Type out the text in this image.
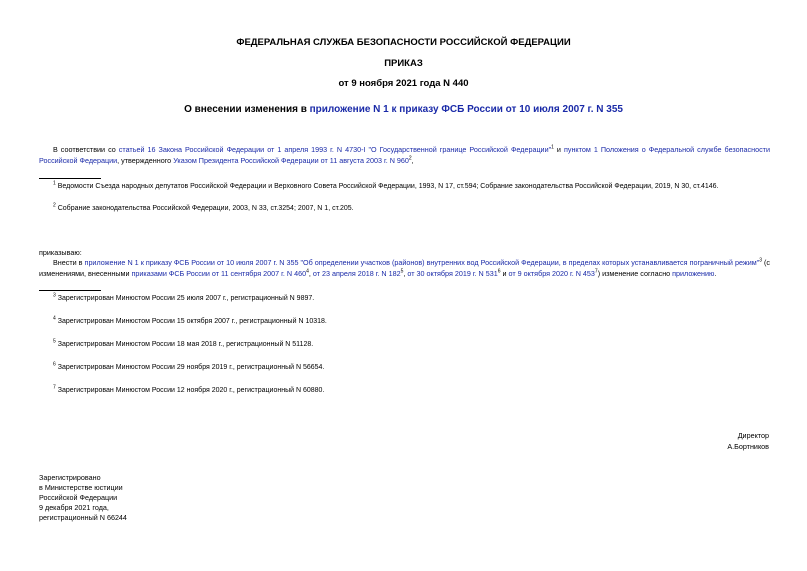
ФЕДЕРАЛЬНАЯ СЛУЖБА БЕЗОПАСНОСТИ РОССИЙСКОЙ ФЕДЕРАЦИИ
ПРИКАЗ
от 9 ноября 2021 года N 440
О внесении изменения в приложение N 1 к приказу ФСБ России от 10 июля 2007 г. N 355
В соответствии со статьей 16 Закона Российской Федерации от 1 апреля 1993 г. N 4730-I "О Государственной границе Российской Федерации"$^1$ и пунктом 1 Положения о Федеральной службе безопасности Российской Федерации, утвержденного Указом Президента Российской Федерации от 11 августа 2003 г. N $960^2$,
$^1$ Ведомости Съезда народных депутатов Российской Федерации и Верховного Совета Российской Федерации, 1993, N 17, ст.594; Собрание законодательства Российской Федерации, 2019, N 30, ст.4146.
$^2$ Собрание законодательства Российской Федерации, 2003, N 33, ст.3254; 2007, N 1, ст.205.
приказываю:
Внести в приложение N 1 к приказу ФСБ России от 10 июля 2007 г. N 355 "Об определении участков (районов) внутренних вод Российской Федерации, в пределах которых устанавливается пограничный режим"$^3$ (с изменениями, внесенными приказами ФСБ России от 11 сентября 2007 г. N $460^4$, от 23 апреля 2018 г. N $182^5$, от 30 октября 2019 г. N $531^6$ и от 9 октября 2020 г. N $453^7$) изменение согласно приложению.
$^3$ Зарегистрирован Минюстом России 25 июля 2007 г., регистрационный N 9897.
$^4$ Зарегистрирован Минюстом России 15 октября 2007 г., регистрационный N 10318.
$^5$ Зарегистрирован Минюстом России 18 мая 2018 г., регистрационный N 51128.
$^6$ Зарегистрирован Минюстом России 29 ноября 2019 г., регистрационный N 56654.
$^7$ Зарегистрирован Минюстом России 12 ноября 2020 г., регистрационный N 60880.
Директор
А.Бортников
Зарегистрировано
в Министерстве юстиции
Российской Федерации
9 декабря 2021 года,
регистрационный N 66244
